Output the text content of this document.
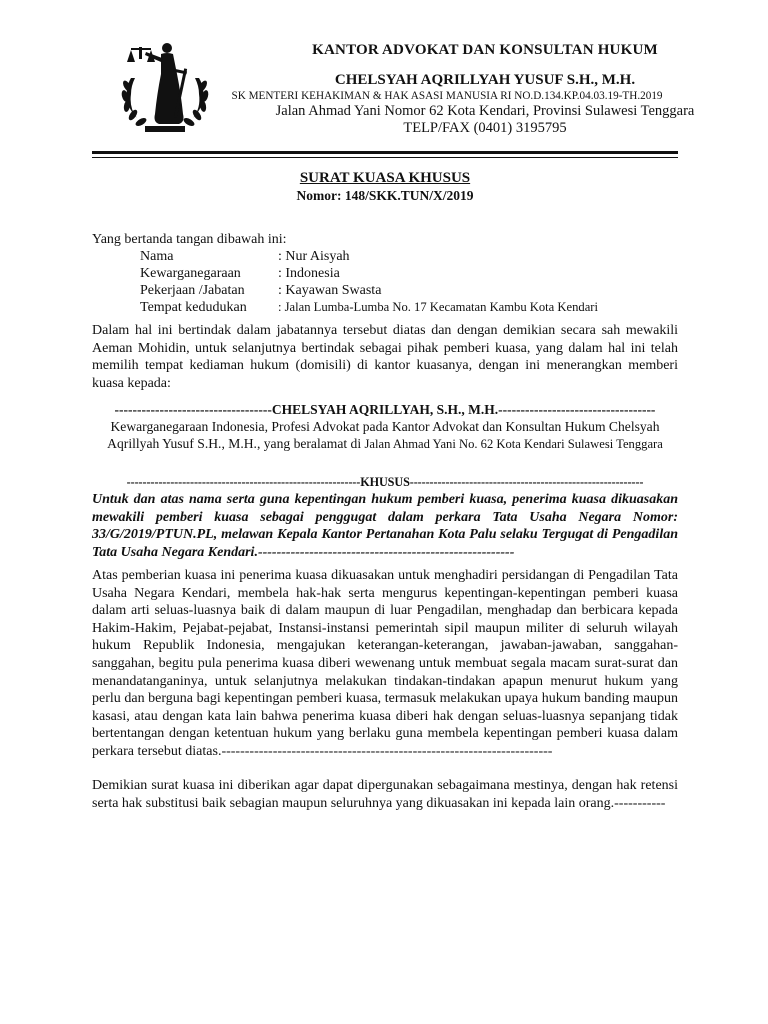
KANTOR ADVOKAT DAN KONSULTAN HUKUM
CHELSYAH AQRILLYAH YUSUF S.H., M.H.
SK MENTERI KEHAKIMAN & HAK ASASI MANUSIA RI NO.D.134.KP.04.03.19-TH.2019
Jalan Ahmad Yani Nomor 62 Kota Kendari, Provinsi Sulawesi Tenggara
TELP/FAX (0401) 3195795
SURAT KUASA KHUSUS
Nomor: 148/SKK.TUN/X/2019
Yang bertanda tangan dibawah ini:
Nama	: Nur Aisyah
Kewarganegaraan	: Indonesia
Pekerjaan /Jabatan : Kayawan Swasta
Tempat kedudukan : Jalan Lumba-Lumba No. 17 Kecamatan Kambu Kota Kendari
Dalam hal ini bertindak dalam jabatannya tersebut diatas dan dengan demikian secara sah mewakili Aeman Mohidin, untuk selanjutnya bertindak sebagai pihak pemberi kuasa, yang dalam hal ini telah memilih tempat kediaman hukum (domisili) di kantor kuasanya, dengan ini menerangkan memberi kuasa kepada:
-----------------------------------CHELSYAH AQRILLYAH, S.H., M.H.-----------------------------------
Kewarganegaraan Indonesia, Profesi Advokat pada Kantor Advokat dan Konsultan Hukum Chelsyah Aqrillyah Yusuf S.H., M.H., yang beralamat di Jalan Ahmad Yani No. 62 Kota Kendari Sulawesi Tenggara
-----------------------------------------------------------KHUSUS-----------------------------------------------------------
Untuk dan atas nama serta guna kepentingan hukum pemberi kuasa, penerima kuasa dikuasakan mewakili pemberi kuasa sebagai penggugat dalam perkara Tata Usaha Negara Nomor: 33/G/2019/PTUN.PL, melawan Kepala Kantor Pertanahan Kota Palu selaku Tergugat di Pengadilan Tata Usaha Negara Kendari.-------------------------------------------------------
Atas pemberian kuasa ini penerima kuasa dikuasakan untuk menghadiri persidangan di Pengadilan Tata Usaha Negara Kendari, membela hak-hak serta mengurus kepentingan-kepentingan pemberi kuasa dalam arti seluas-luasnya baik di dalam maupun di luar Pengadilan, menghadap dan berbicara kepada Hakim-Hakim, Pejabat-pejabat, Instansi-instansi pemerintah sipil maupun militer di seluruh wilayah hukum Republik Indonesia, mengajukan keterangan-keterangan, jawaban-jawaban, sanggahan-sanggahan, begitu pula penerima kuasa diberi wewenang untuk membuat segala macam surat-surat dan menandatanganinya, untuk selanjutnya melakukan tindakan-tindakan apapun menurut hukum yang perlu dan berguna bagi kepentingan pemberi kuasa, termasuk melakukan upaya hukum banding maupun kasasi, atau dengan kata lain bahwa penerima kuasa diberi hak dengan seluas-luasnya sepanjang tidak bertentangan dengan ketentuan hukum yang berlaku guna membela kepentingan pemberi kuasa dalam perkara tersebut diatas.-----------------------------------------------------------------------
Demikian surat kuasa ini diberikan agar dapat dipergunakan sebagaimana mestinya, dengan hak retensi serta hak substitusi baik sebagian maupun seluruhnya yang dikuasakan ini kepada lain orang.-----------
